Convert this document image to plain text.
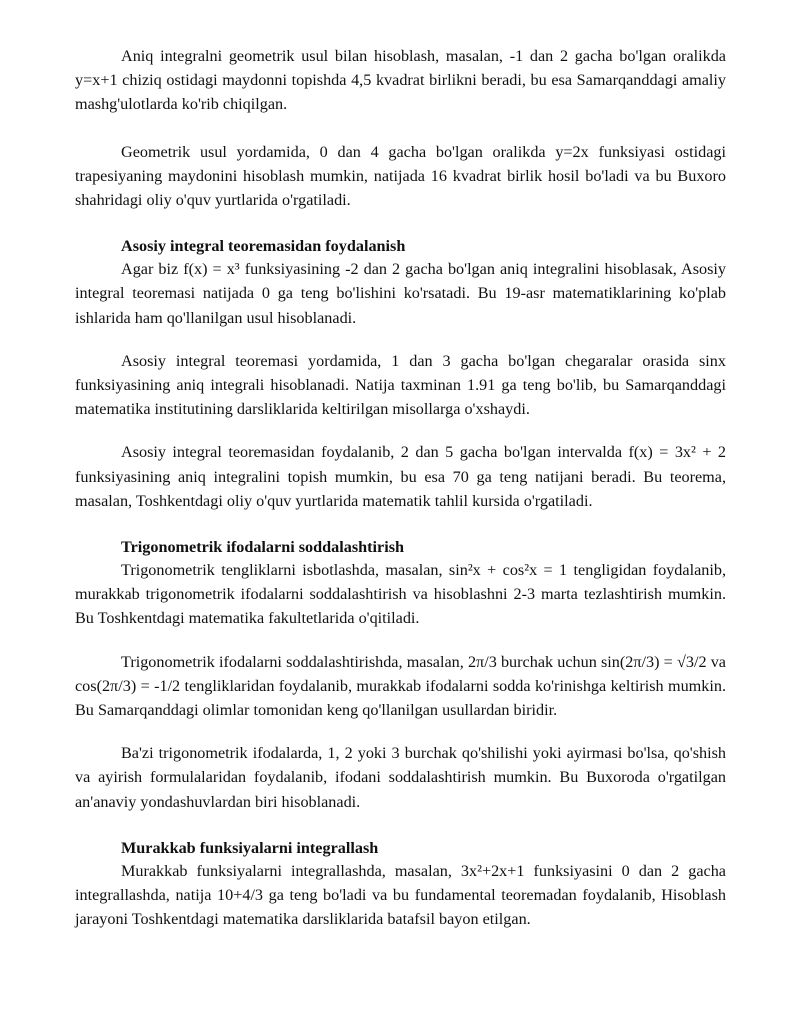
Aniq integralni geometrik usul bilan hisoblash, masalan, -1 dan 2 gacha bo'lgan oralikda y=x+1 chiziq ostidagi maydonni topishda 4,5 kvadrat birlikni beradi, bu esa Samarqanddagi amaliy mashg'ulotlarda ko'rib chiqilgan.

Geometrik usul yordamida, 0 dan 4 gacha bo'lgan oralikda y=2x funksiyasi ostidagi trapesiyaning maydonini hisoblash mumkin, natijada 16 kvadrat birlik hosil bo'ladi va bu Buxoro shahridagi oliy o'quv yurtlarida o'rgatiladi.

Asosiy integral teoremasidan foydalanish

Agar biz f(x) = x³ funksiyasining -2 dan 2 gacha bo'lgan aniq integralini hisoblasak, Asosiy integral teoremasi natijada 0 ga teng bo'lishini ko'rsatadi. Bu 19-asr matematiklarining ko'plab ishlarida ham qo'llanilgan usul hisoblanadi.

Asosiy integral teoremasi yordamida, 1 dan 3 gacha bo'lgan chegaralar orasida sinx funksiyasining aniq integrali hisoblanadi. Natija taxminan 1.91 ga teng bo'lib, bu Samarqanddagi matematika institutining darsliklarida keltirilgan misollarga o'xshaydi.

Asosiy integral teoremasidan foydalanib, 2 dan 5 gacha bo'lgan intervalda f(x) = 3x² + 2 funksiyasining aniq integralini topish mumkin, bu esa 70 ga teng natijani beradi. Bu teorema, masalan, Toshkentdagi oliy o'quv yurtlarida matematik tahlil kursida o'rgatiladi.

Trigonometrik ifodalarni soddalashtirish

Trigonometrik tengliklarni isbotlashda, masalan, sin²x + cos²x = 1 tengligidan foydalanib, murakkab trigonometrik ifodalarni soddalashtirish va hisoblashni 2-3 marta tezlashtirish mumkin. Bu Toshkentdagi matematika fakultetlarida o'qitiladi.

Trigonometrik ifodalarni soddalashtirishda, masalan, 2π/3 burchak uchun sin(2π/3) = √3/2 va cos(2π/3) = -1/2 tengliklaridan foydalanib, murakkab ifodalarni sodda ko'rinishga keltirish mumkin. Bu Samarqanddagi olimlar tomonidan keng qo'llanilgan usullardan biridir.

Ba'zi trigonometrik ifodalarda, 1, 2 yoki 3 burchak qo'shilishi yoki ayirmasi bo'lsa, qo'shish va ayirish formulalaridan foydalanib, ifodani soddalashtirish mumkin. Bu Buxoroda o'rgatilgan an'anaviy yondashuvlardan biri hisoblanadi.

Murakkab funksiyalarni integrallash

Murakkab funksiyalarni integrallashda, masalan, 3x²+2x+1 funksiyasini 0 dan 2 gacha integrallashda, natija 10+4/3 ga teng bo'ladi va bu fundamental teoremadan foydalanib, Hisoblash jarayoni Toshkentdagi matematika darsliklarida batafsil bayon etilgan.
